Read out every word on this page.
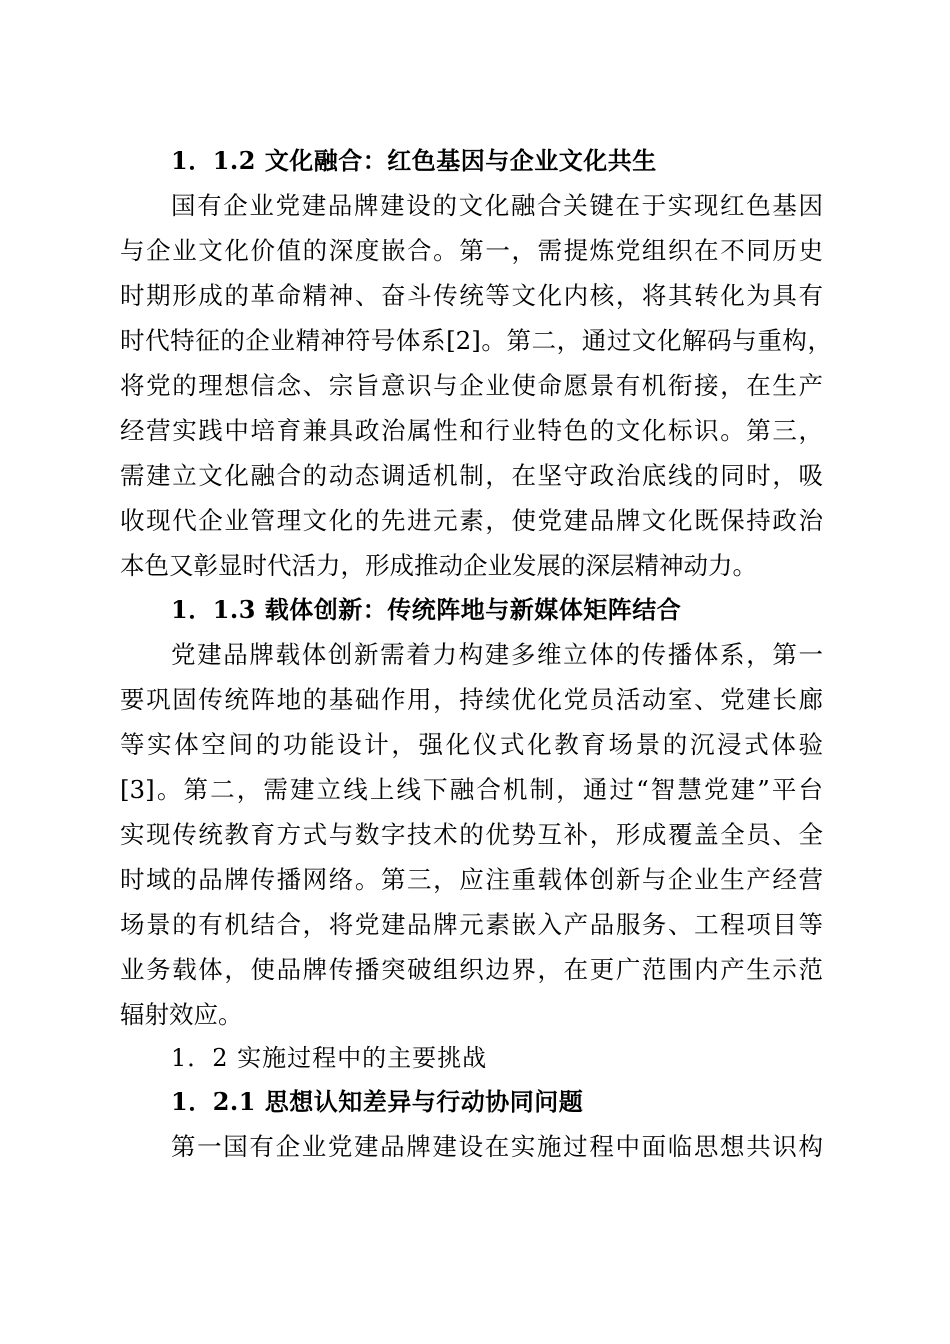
1．1.2 文化融合：红色基因与企业文化共生
国有企业党建品牌建设的文化融合关键在于实现红色基因
与企业文化价值的深度嵌合。第一，需提炼党组织在不同历史
时期形成的革命精神、奋斗传统等文化内核，将其转化为具有
时代特征的企业精神符号体系[2]。第二，通过文化解码与重构，
将党的理想信念、宗旨意识与企业使命愿景有机衔接，在生产
经营实践中培育兼具政治属性和行业特色的文化标识。第三，
需建立文化融合的动态调适机制，在坚守政治底线的同时，吸
收现代企业管理文化的先进元素，使党建品牌文化既保持政治
本色又彰显时代活力，形成推动企业发展的深层精神动力。
1．1.3 载体创新：传统阵地与新媒体矩阵结合
党建品牌载体创新需着力构建多维立体的传播体系，第一
要巩固传统阵地的基础作用，持续优化党员活动室、党建长廊
等实体空间的功能设计，强化仪式化教育场景的沉浸式体验
[3]。第二，需建立线上线下融合机制，通过“智慧党建”平台
实现传统教育方式与数字技术的优势互补，形成覆盖全员、全
时域的品牌传播网络。第三，应注重载体创新与企业生产经营
场景的有机结合，将党建品牌元素嵌入产品服务、工程项目等
业务载体，使品牌传播突破组织边界，在更广范围内产生示范
辐射效应。
1．2 实施过程中的主要挑战
1．2.1 思想认知差异与行动协同问题
第一国有企业党建品牌建设在实施过程中面临思想共识构
